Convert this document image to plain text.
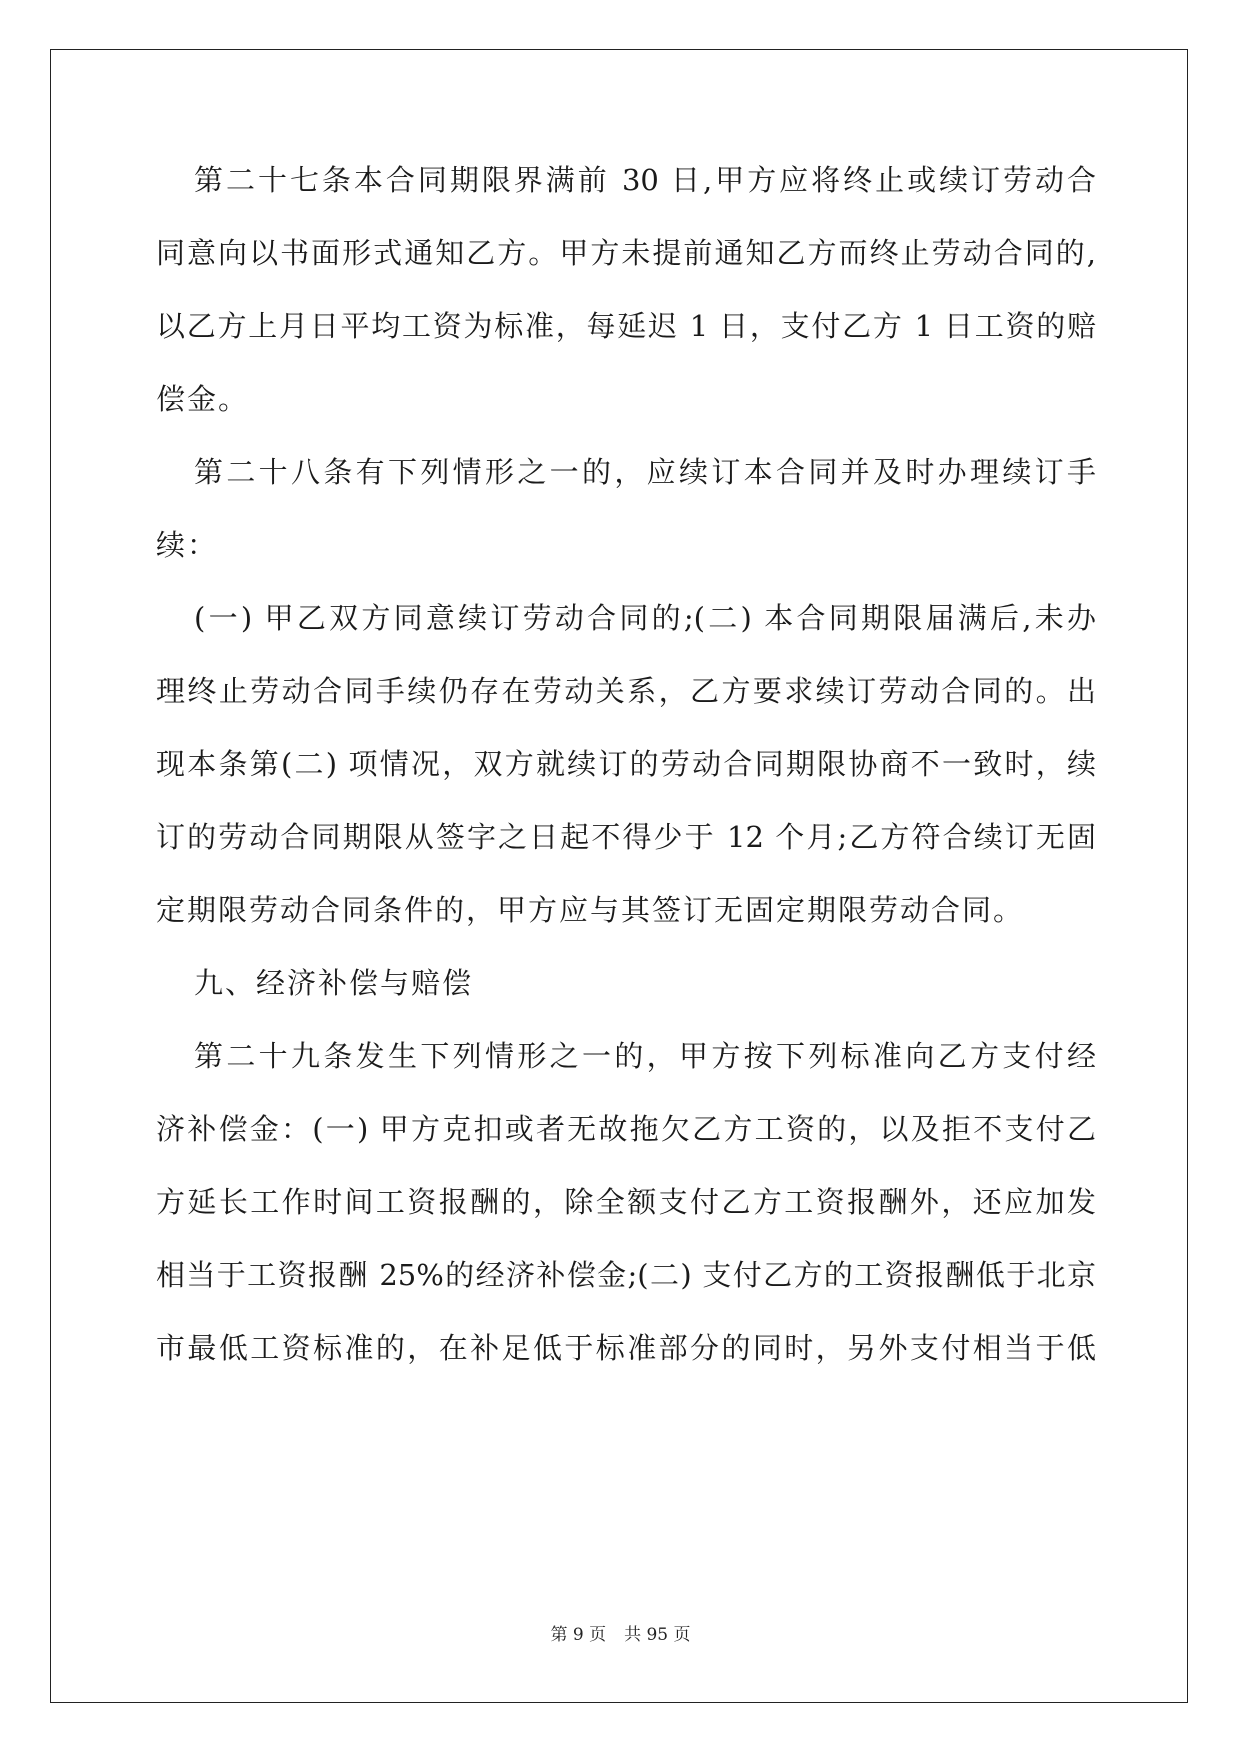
第二十七条本合同期限界满前 30 日,甲方应将终止或续订劳动合
同意向以书面形式通知乙方。甲方未提前通知乙方而终止劳动合同的,
以乙方上月日平均工资为标准，每延迟 1 日，支付乙方 1 日工资的赔
偿金。
第二十八条有下列情形之一的，应续订本合同并及时办理续订手
续：
(一) 甲乙双方同意续订劳动合同的;(二) 本合同期限届满后,未办
理终止劳动合同手续仍存在劳动关系，乙方要求续订劳动合同的。出
现本条第(二) 项情况，双方就续订的劳动合同期限协商不一致时，续
订的劳动合同期限从签字之日起不得少于 12 个月;乙方符合续订无固
定期限劳动合同条件的，甲方应与其签订无固定期限劳动合同。
九、经济补偿与赔偿
第二十九条发生下列情形之一的，甲方按下列标准向乙方支付经
济补偿金：(一) 甲方克扣或者无故拖欠乙方工资的，以及拒不支付乙
方延长工作时间工资报酬的，除全额支付乙方工资报酬外，还应加发
相当于工资报酬 25%的经济补偿金;(二) 支付乙方的工资报酬低于北京
市最低工资标准的，在补足低于标准部分的同时，另外支付相当于低
第 9 页 共 95 页
